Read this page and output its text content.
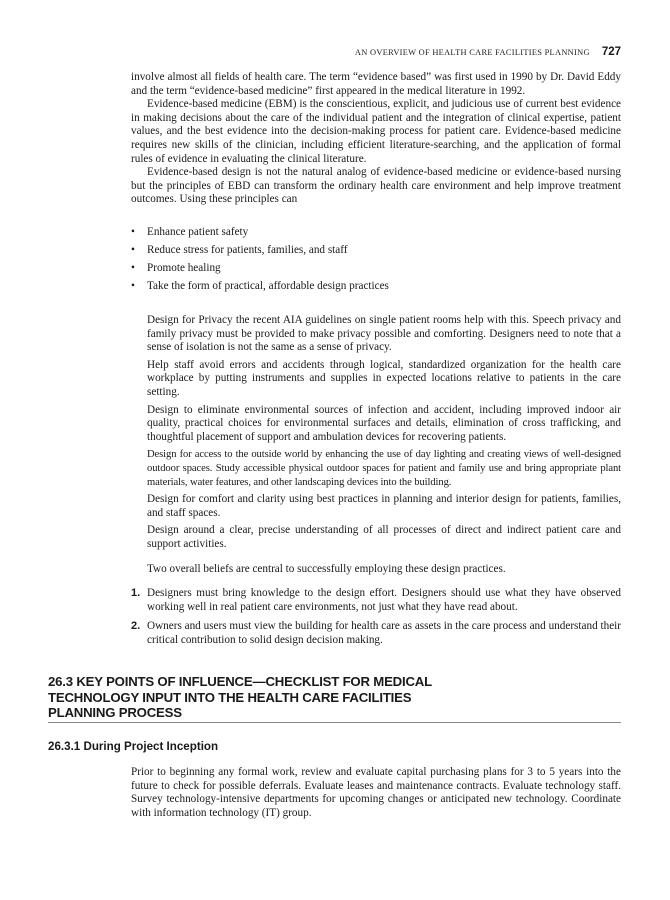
AN OVERVIEW OF HEALTH CARE FACILITIES PLANNING 727

involve almost all fields of health care. The term “evidence based” was first used in 1990 by Dr. David Eddy and the term “evidence-based medicine” first appeared in the medical literature in 1992.

Evidence-based medicine (EBM) is the conscientious, explicit, and judicious use of current best evidence in making decisions about the care of the individual patient and the integration of clinical expertise, patient values, and the best evidence into the decision-making process for patient care. Evidence-based medicine requires new skills of the clinician, including efficient literature-searching, and the application of formal rules of evidence in evaluating the clinical literature.

Evidence-based design is not the natural analog of evidence-based medicine or evidence-based nursing but the principles of EBD can transform the ordinary health care environment and help improve treatment outcomes. Using these principles can

• Enhance patient safety
• Reduce stress for patients, families, and staff
• Promote healing
• Take the form of practical, affordable design practices

Design for Privacy the recent AIA guidelines on single patient rooms help with this. Speech privacy and family privacy must be provided to make privacy possible and comforting. Designers need to note that a sense of isolation is not the same as a sense of privacy.

Help staff avoid errors and accidents through logical, standardized organization for the health care workplace by putting instruments and supplies in expected locations relative to patients in the care setting.

Design to eliminate environmental sources of infection and accident, including improved indoor air quality, practical choices for environmental surfaces and details, elimination of cross trafficking, and thoughtful placement of support and ambulation devices for recovering patients.

Design for access to the outside world by enhancing the use of day lighting and creating views of well-designed outdoor spaces. Study accessible physical outdoor spaces for patient and family use and bring appropriate plant materials, water features, and other landscaping devices into the building.

Design for comfort and clarity using best practices in planning and interior design for patients, families, and staff spaces.

Design around a clear, precise understanding of all processes of direct and indirect patient care and support activities.

Two overall beliefs are central to successfully employing these design practices.

1. Designers must bring knowledge to the design effort. Designers should use what they have observed working well in real patient care environments, not just what they have read about.
2. Owners and users must view the building for health care as assets in the care process and understand their critical contribution to solid design decision making.
26.3 KEY POINTS OF INFLUENCE—CHECKLIST FOR MEDICAL
TECHNOLOGY INPUT INTO THE HEALTH CARE FACILITIES
PLANNING PROCESS
26.3.1 During Project Inception

Prior to beginning any formal work, review and evaluate capital purchasing plans for 3 to 5 years into the future to check for possible deferrals. Evaluate leases and maintenance contracts. Evaluate technology staff. Survey technology-intensive departments for upcoming changes or anticipated new technology. Coordinate with information technology (IT) group.
